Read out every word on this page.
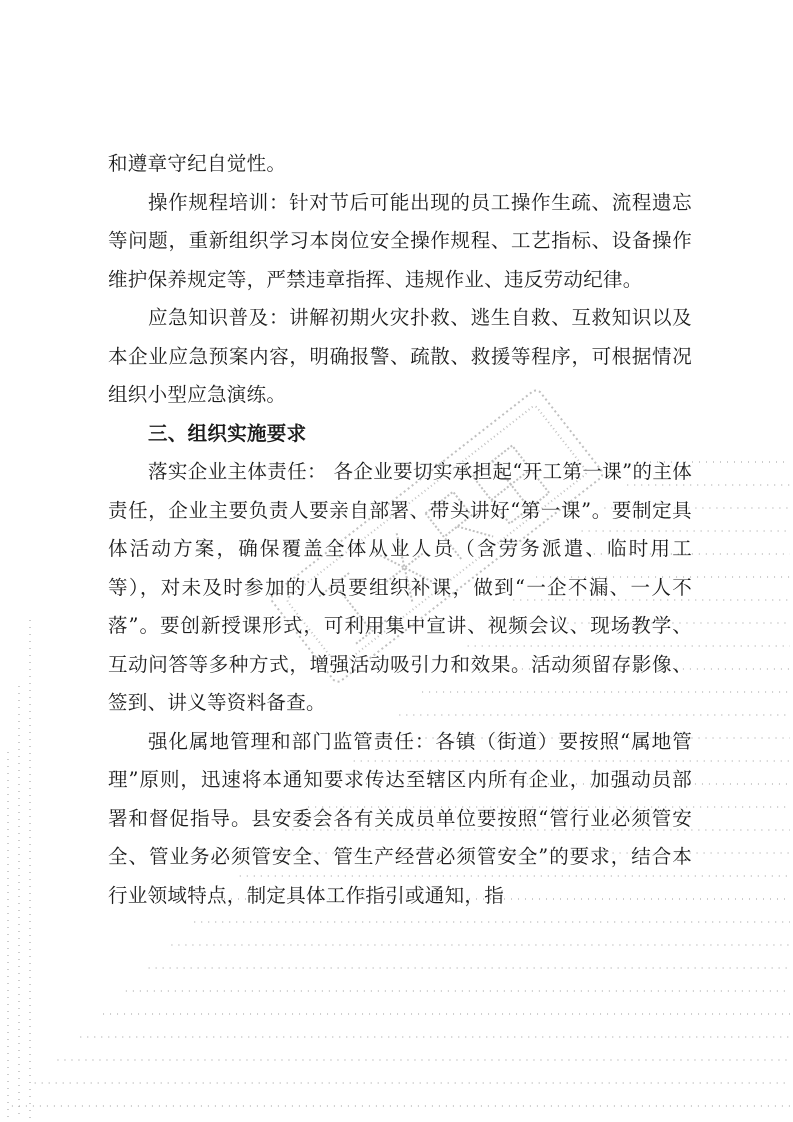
和遵章守纪自觉性。

操作规程培训：针对节后可能出现的员工操作生疏、流程遗忘等问题，重新组织学习本岗位安全操作规程、工艺指标、设备操作维护保养规定等，严禁违章指挥、违规作业、违反劳动纪律。

应急知识普及：讲解初期火灾扑救、逃生自救、互救知识以及本企业应急预案内容，明确报警、疏散、救援等程序，可根据情况组织小型应急演练。

三、组织实施要求

落实企业主体责任： 各企业要切实承担起“开工第一课”的主体责任，企业主要负责人要亲自部署、带头讲好“第一课”。要制定具体活动方案，确保覆盖全体从业人员（含劳务派遣、临时用工等），对未及时参加的人员要组织补课，做到“一企不漏、一人不落”。要创新授课形式，可利用集中宣讲、视频会议、现场教学、互动问答等多种方式，增强活动吸引力和效果。活动须留存影像、签到、讲义等资料备查。

强化属地管理和部门监管责任：各镇（街道）要按照“属地管理”原则，迅速将本通知要求传达至辖区内所有企业，加强动员部署和督促指导。县安委会各有关成员单位要按照“管行业必须管安全、管业务必须管安全、管生产经营必须管安全”的要求，结合本行业领域特点，制定具体工作指引或通知，指
